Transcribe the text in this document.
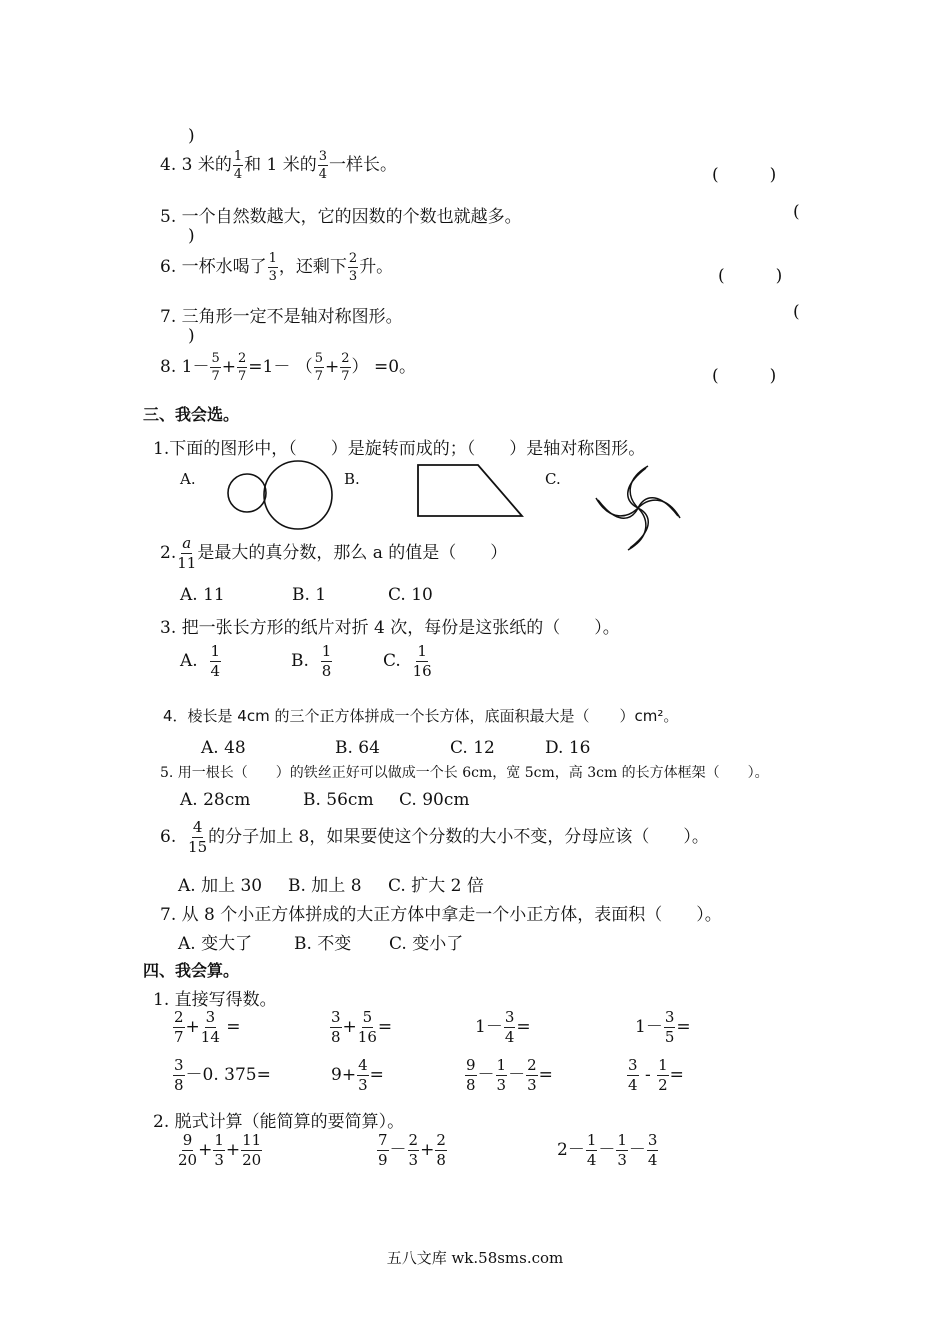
)
4. 3 米的 $\frac{1}{4}$ 和 1 米的 $\frac{3}{4}$ 一样长。	(　　　)
5. 一个自然数越大，它的因数的个数也就越多。	(
)
6. 一杯水喝了 $\frac{1}{3}$ ，还剩下 $\frac{2}{3}$ 升。	(　　　)
7. 三角形一定不是轴对称图形。	(
)
8. $1- \frac{5}{7} + \frac{2}{7} =1-$ （ $\frac{5}{7} + \frac{2}{7}$ ） =0。	(　　　)
三、我会选。
1.下面的图形中，（　　）是旋转而成的；（　　）是轴对称图形。
A.	B.	C.
2. $\frac{a}{11}$ 是最大的真分数，那么 a 的值是（　　）
A. 11	B. 1	C. 10
3. 把一张长方形的纸片对折 4 次，每份是这张纸的（　　）。
A. $\frac{1}{4}$	B. $\frac{1}{8}$	C. $\frac{1}{16}$
4．棱长是 4cm 的三个正方体拼成一个长方体，底面积最大是（　　）cm²。
A. 48	B. 64	C. 12	D. 16
5. 用一根长（　　）的铁丝正好可以做成一个长 6cm，宽 5cm，高 3cm 的长方体框架（　　）。
A. 28cm	B. 56cm C. 90cm
6. $\frac{4}{15}$ 的分子加上 8，如果要使这个分数的大小不变，分母应该（　　）。
A. 加上 30 B. 加上 8 C. 扩大 2 倍
7. 从 8 个小正方体拼成的大正方体中拿走一个小正方体，表面积（　　）。
A. 变大了 B. 不变 C. 变小了
四、我会算。
1. 直接写得数。
$\frac{2}{7} + \frac{3}{14}$ =	$\frac{3}{8} + \frac{5}{16}$ =	$1- \frac{3}{4}$ =	$1- \frac{3}{5}$ =
$\frac{3}{8} -0$. 375=	$9+ \frac{4}{3}$ =	$\frac{9}{8} - \frac{1}{3} - \frac{2}{3}$ =	$\frac{3}{4} - \frac{1}{2}$ =
2. 脱式计算（能简算的要简算）。
$\frac{9}{20} + \frac{1}{3} + \frac{11}{20}$	$\frac{7}{9} - \frac{2}{3} + \frac{2}{8}$	$2- \frac{1}{4} - \frac{1}{3} - \frac{3}{4}$
五八文库 wk.58sms.com
